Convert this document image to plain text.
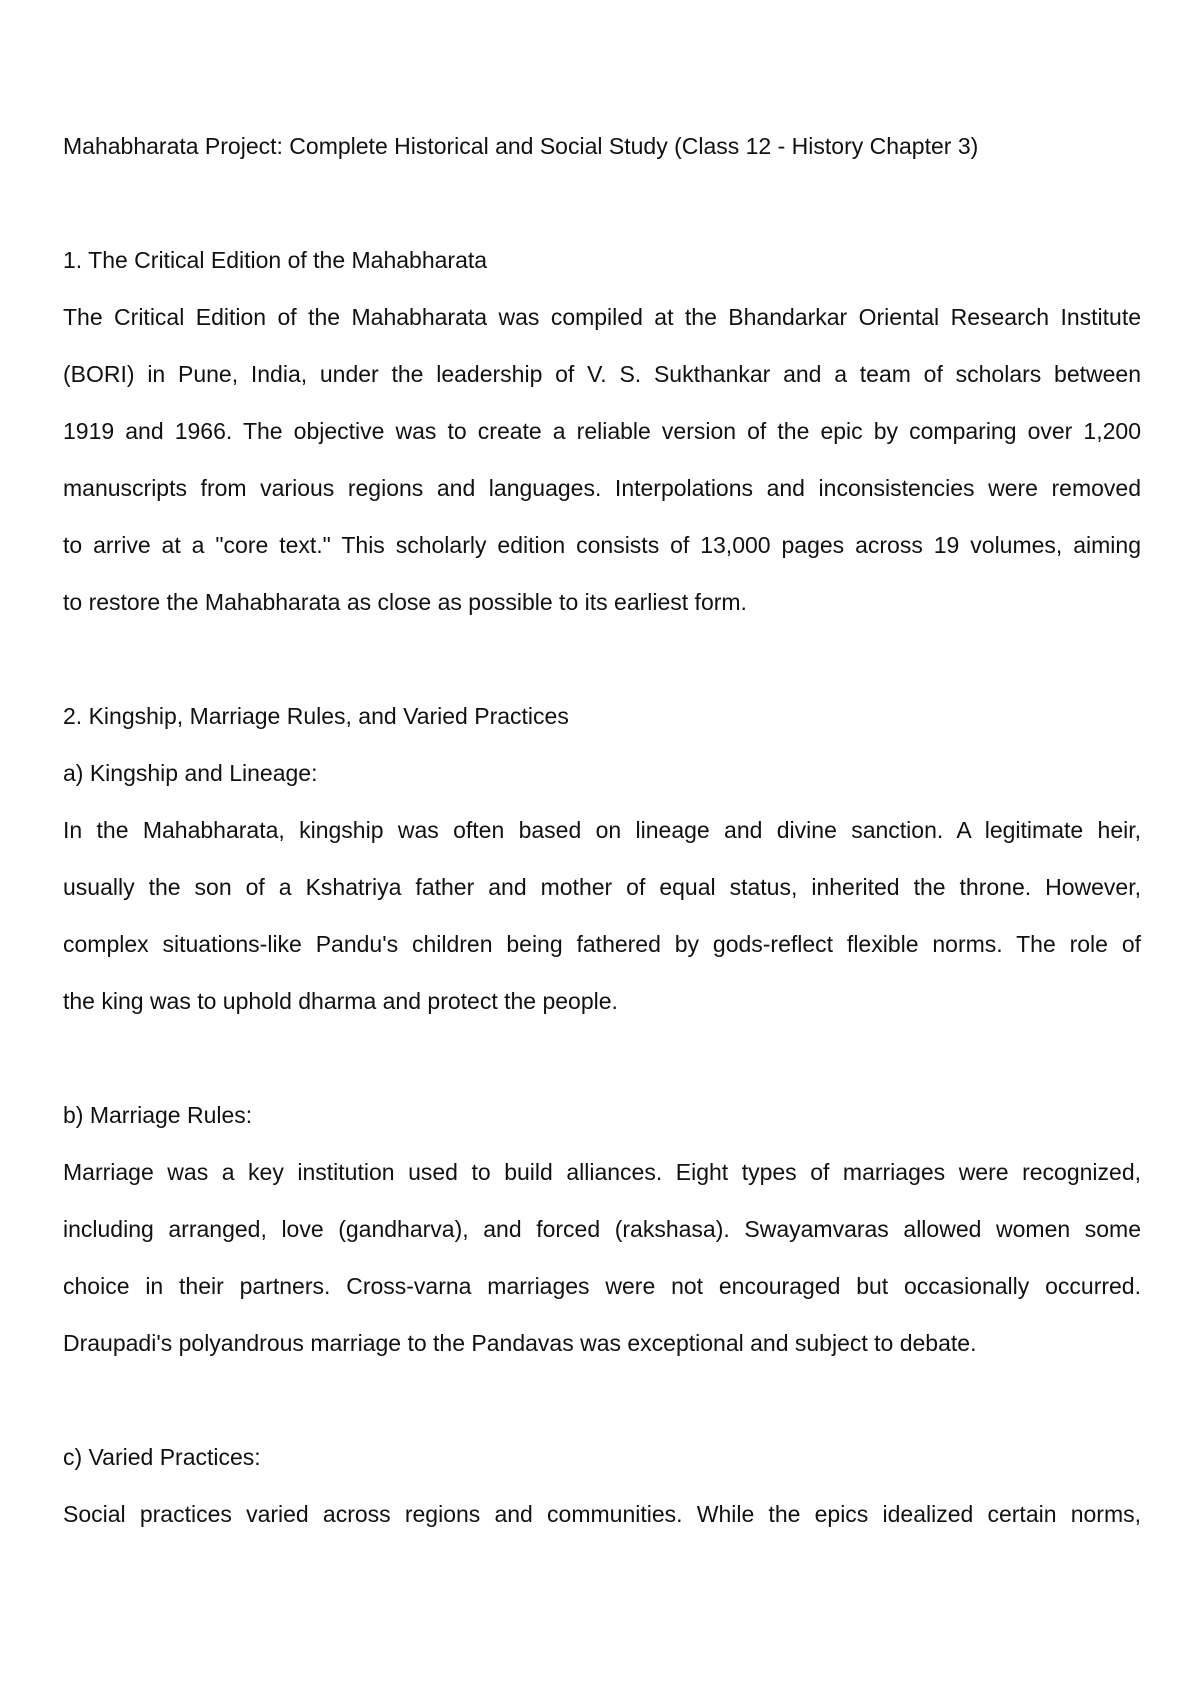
Mahabharata Project: Complete Historical and Social Study (Class 12 - History Chapter 3)
1. The Critical Edition of the Mahabharata
The Critical Edition of the Mahabharata was compiled at the Bhandarkar Oriental Research Institute
(BORI) in Pune, India, under the leadership of V. S. Sukthankar and a team of scholars between
1919 and 1966. The objective was to create a reliable version of the epic by comparing over 1,200
manuscripts from various regions and languages. Interpolations and inconsistencies were removed
to arrive at a "core text." This scholarly edition consists of 13,000 pages across 19 volumes, aiming
to restore the Mahabharata as close as possible to its earliest form.
2. Kingship, Marriage Rules, and Varied Practices
a) Kingship and Lineage:
In the Mahabharata, kingship was often based on lineage and divine sanction. A legitimate heir,
usually the son of a Kshatriya father and mother of equal status, inherited the throne. However,
complex situations-like Pandu's children being fathered by gods-reflect flexible norms. The role of
the king was to uphold dharma and protect the people.
b) Marriage Rules:
Marriage was a key institution used to build alliances. Eight types of marriages were recognized,
including arranged, love (gandharva), and forced (rakshasa). Swayamvaras allowed women some
choice in their partners. Cross-varna marriages were not encouraged but occasionally occurred.
Draupadi's polyandrous marriage to the Pandavas was exceptional and subject to debate.
c) Varied Practices:
Social practices varied across regions and communities. While the epics idealized certain norms,
